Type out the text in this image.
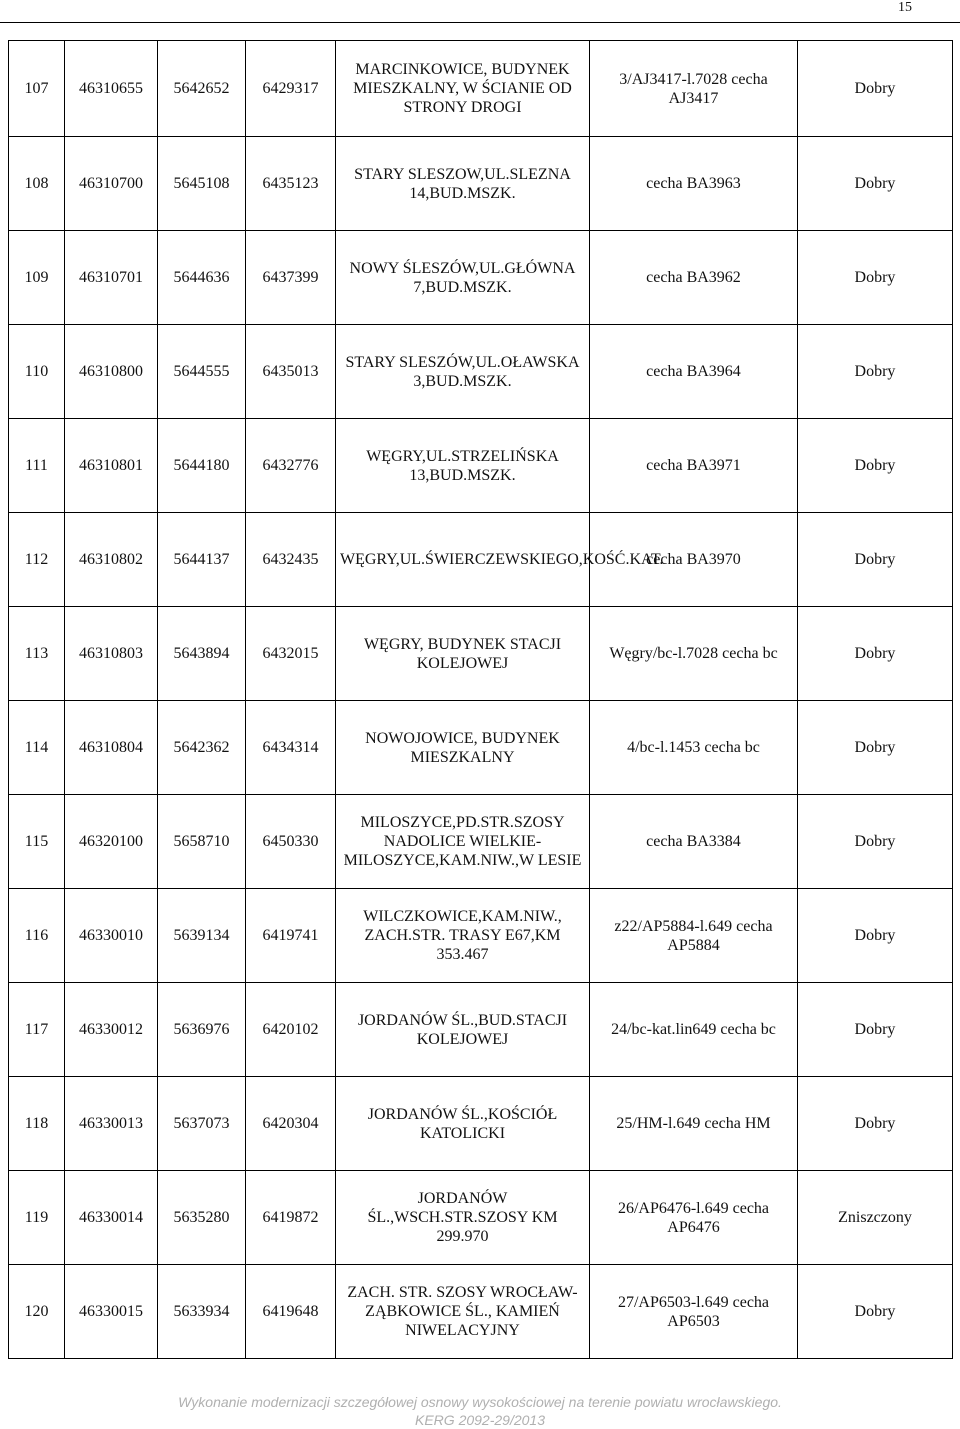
15
107	46310655	5642652	6429317	MARCINKOWICE, BUDYNEK MIESZKALNY, W ŚCIANIE OD STRONY DROGI	3/AJ3417-l.7028 cecha AJ3417	Dobry
108	46310700	5645108	6435123	STARY SLESZOW,UL.SLEZNA 14,BUD.MSZK.	cecha BA3963	Dobry
109	46310701	5644636	6437399	NOWY ŚLESZÓW,UL.GŁÓWNA 7,BUD.MSZK.	cecha BA3962	Dobry
110	46310800	5644555	6435013	STARY SLESZÓW,UL.OŁAWSKA 3,BUD.MSZK.	cecha BA3964	Dobry
111	46310801	5644180	6432776	WĘGRY,UL.STRZELIŃSKA 13,BUD.MSZK.	cecha BA3971	Dobry
112	46310802	5644137	6432435	WĘGRY,UL.ŚWIERCZEWSKIEGO,KOŚĆ.KAT.	cecha BA3970	Dobry
113	46310803	5643894	6432015	WĘGRY, BUDYNEK STACJI KOLEJOWEJ	Węgry/bc-l.7028 cecha bc	Dobry
114	46310804	5642362	6434314	NOWOJOWICE, BUDYNEK MIESZKALNY	4/bc-l.1453 cecha bc	Dobry
115	46320100	5658710	6450330	MILOSZYCE,PD.STR.SZOSY NADOLICE WIELKIE-MILOSZYCE,KAM.NIW.,W LESIE	cecha BA3384	Dobry
116	46330010	5639134	6419741	WILCZKOWICE,KAM.NIW., ZACH.STR. TRASY E67,KM 353.467	z22/AP5884-l.649 cecha AP5884	Dobry
117	46330012	5636976	6420102	JORDANÓW ŚL.,BUD.STACJI KOLEJOWEJ	24/bc-kat.lin649 cecha bc	Dobry
118	46330013	5637073	6420304	JORDANÓW ŚL.,KOŚCIÓŁ KATOLICKI	25/HM-l.649 cecha HM	Dobry
119	46330014	5635280	6419872	JORDANÓW ŚL.,WSCH.STR.SZOSY KM 299.970	26/AP6476-l.649 cecha AP6476	Zniszczony
120	46330015	5633934	6419648	ZACH. STR. SZOSY WROCŁAW-ZĄBKOWICE ŚL., KAMIEŃ NIWELACYJNY	27/AP6503-l.649 cecha AP6503	Dobry
Wykonanie modernizacji szczegółowej osnowy wysokościowej na terenie powiatu wrocławskiego.
KERG 2092-29/2013
